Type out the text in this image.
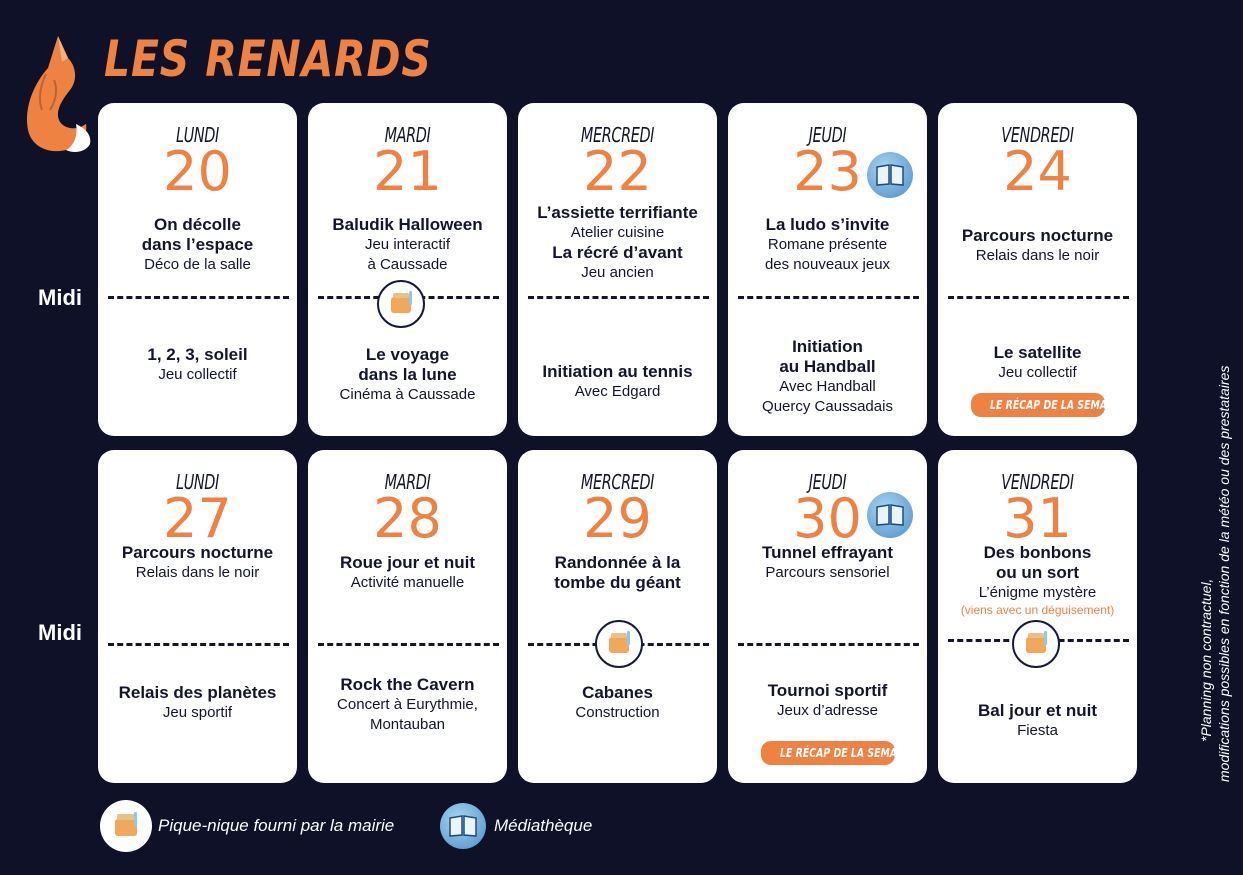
LES RENARDS
Midi
Midi
LUNDI
20
On décolle
dans l’espace
Déco de la salle
1, 2, 3, soleil
Jeu collectif
MARDI
21
Baludik Halloween
Jeu interactif
à Caussade
Le voyage
dans la lune
Cinéma à Caussade
MERCREDI
22
L’assiette terrifiante
Atelier cuisine
La récré d’avant
Jeu ancien
Initiation au tennis
Avec Edgard
JEUDI
23
La ludo s’invite
Romane présente
des nouveaux jeux
Initiation
au Handball
Avec Handball
Quercy Caussadais
VENDREDI
24
Parcours nocturne
Relais dans le noir
Le satellite
Jeu collectif
LE RÉCAP DE LA SEMAINE
LUNDI
27
Parcours nocturne
Relais dans le noir
Relais des planètes
Jeu sportif
MARDI
28
Roue jour et nuit
Activité manuelle
Rock the Cavern
Concert à Eurythmie,
Montauban
MERCREDI
29
Randonnée à la
tombe du géant
Cabanes
Construction
JEUDI
30
Tunnel effrayant
Parcours sensoriel
Tournoi sportif
Jeux d’adresse
LE RÉCAP DE LA SEMAINE
VENDREDI
31
Des bonbons
ou un sort
L’énigme mystère
(viens avec un déguisement)
Bal jour et nuit
Fiesta
Pique-nique fourni par la mairie	Médiathèque
*Planning non contractuel, modifications possibles en fonction de la météo ou des prestataires
